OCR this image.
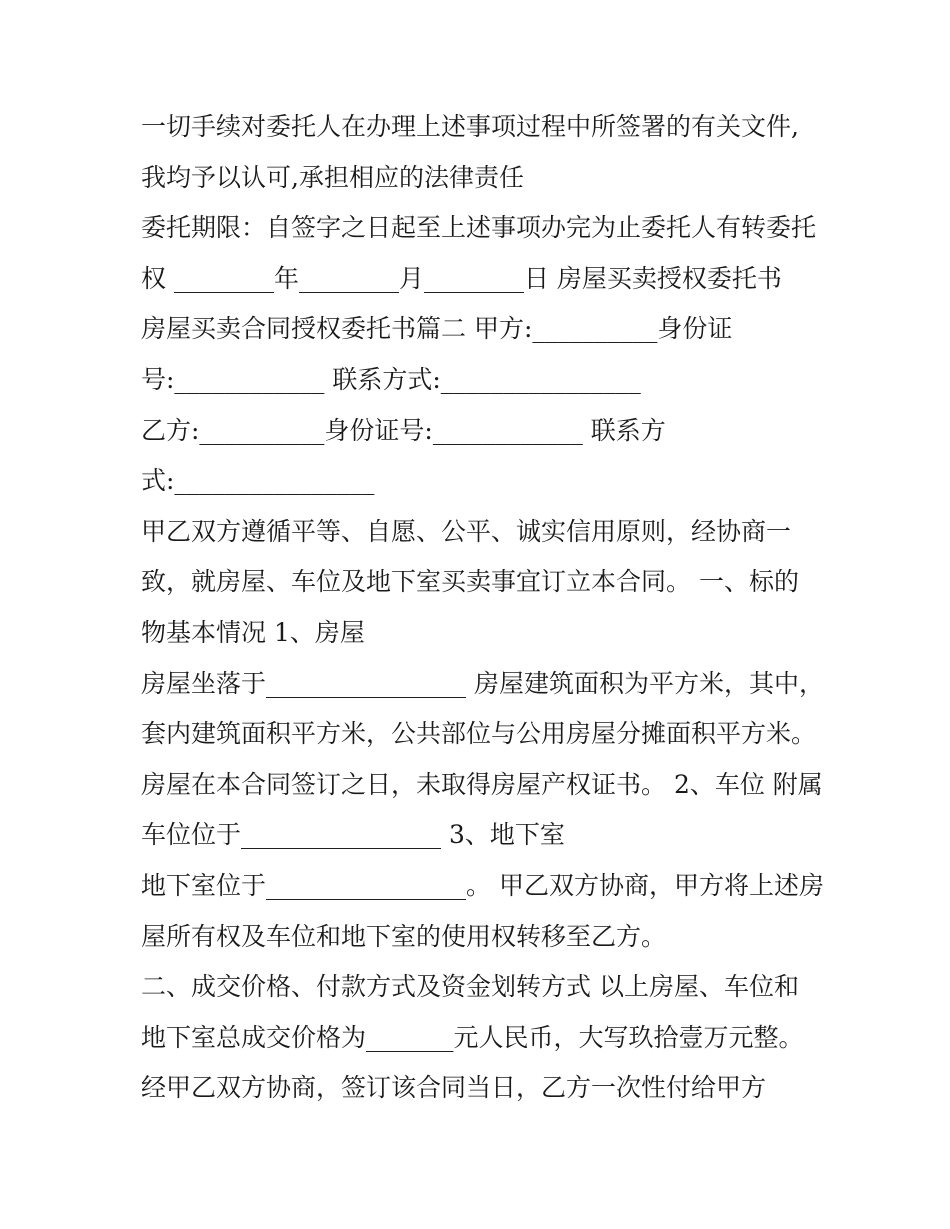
一切手续对委托人在办理上述事项过程中所签署的有关文件,
我均予以认可,承担相应的法律责任
委托期限：自签字之日起至上述事项办完为止委托人有转委托
权 ________年________月________日 房屋买卖授权委托书
房屋买卖合同授权委托书篇二 甲方:__________身份证
号:____________ 联系方式:________________
乙方:__________身份证号:____________ 联系方
式:________________
甲乙双方遵循平等、自愿、公平、诚实信用原则，经协商一
致，就房屋、车位及地下室买卖事宜订立本合同。 一、标的
物基本情况 1、房屋
房屋坐落于________________ 房屋建筑面积为平方米，其中，
套内建筑面积平方米，公共部位与公用房屋分摊面积平方米。
房屋在本合同签订之日，未取得房屋产权证书。 2、车位 附属
车位位于________________ 3、地下室
地下室位于________________。 甲乙双方协商，甲方将上述房
屋所有权及车位和地下室的使用权转移至乙方。
二、成交价格、付款方式及资金划转方式 以上房屋、车位和
地下室总成交价格为_______元人民币，大写玖拾壹万元整。
经甲乙双方协商，签订该合同当日，乙方一次性付给甲方
